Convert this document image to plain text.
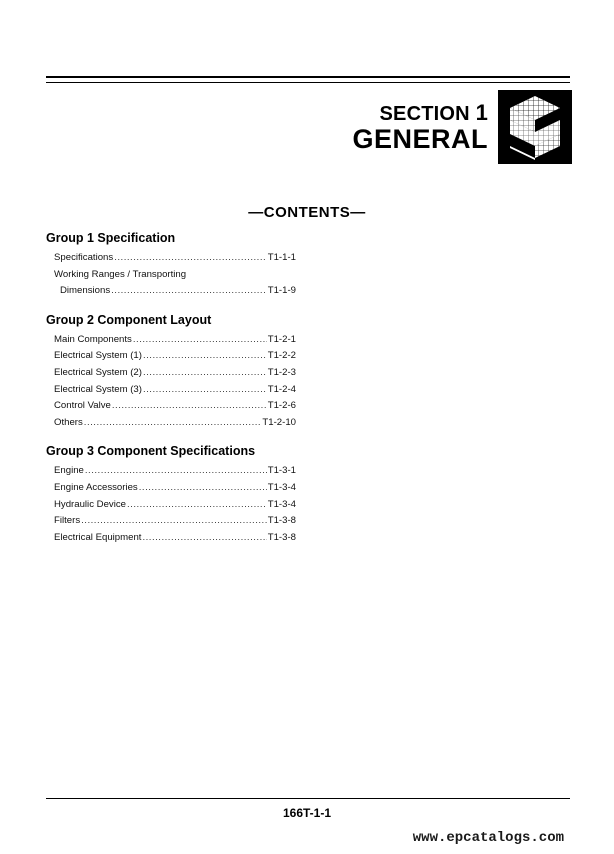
SECTION 1
GENERAL
—CONTENTS—
Group 1 Specification
Specifications .....	T1-1-1
Working Ranges / Transporting
Dimensions .....	T1-1-9
Group 2 Component Layout
Main Components .....	T1-2-1
Electrical System (1) .....	T1-2-2
Electrical System (2) .....	T1-2-3
Electrical System (3) .....	T1-2-4
Control Valve .....	T1-2-6
Others .....	T1-2-10
Group 3 Component Specifications
Engine .....	T1-3-1
Engine Accessories .....	T1-3-4
Hydraulic Device .....	T1-3-4
Filters .....	T1-3-8
Electrical Equipment .....	T1-3-8
166T-1-1
www.epcatalogs.com
